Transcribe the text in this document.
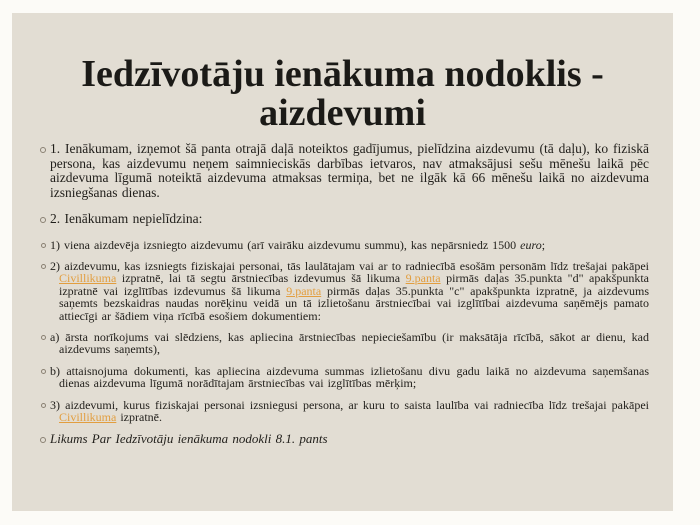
Iedzīvotāju ienākuma nodoklis -
aizdevumi
1. Ienākumam, izņemot šā panta otrajā daļā noteiktos gadījumus, pielīdzina aizdevumu (tā daļu), ko fiziskā persona, kas aizdevumu neņem saimnieciskās darbības ietvaros, nav atmaksājusi sešu mēnešu laikā pēc aizdevuma līgumā noteiktā aizdevuma atmaksas termiņa, bet ne ilgāk kā 66 mēnešu laikā no aizdevuma izsniegšanas dienas.
2. Ienākumam nepielīdzina:
1) viena aizdevēja izsniegto aizdevumu (arī vairāku aizdevumu summu), kas nepārsniedz 1500 euro;
2) aizdevumu, kas izsniegts fiziskajai personai, tās laulātajam vai ar to radniecībā esošām personām līdz trešajai pakāpei Civillikuma izpratnē, lai tā segtu ārstniecības izdevumus šā likuma 9.panta pirmās daļas 35.punkta "d" apakšpunkta izpratnē vai izglītības izdevumus šā likuma 9.panta pirmās daļas 35.punkta "c" apakšpunkta izpratnē, ja aizdevums saņemts bezskaidras naudas norēķinu veidā un tā izlietošanu ārstniecībai vai izglītībai aizdevuma saņēmējs pamato attiecīgi ar šādiem viņa rīcībā esošiem dokumentiem:
a) ārsta norīkojums vai slēdziens, kas apliecina ārstniecības nepieciešamību (ir maksātāja rīcībā, sākot ar dienu, kad aizdevums saņemts),
b) attaisnojuma dokumenti, kas apliecina aizdevuma summas izlietošanu divu gadu laikā no aizdevuma saņemšanas dienas aizdevuma līgumā norādītajam ārstniecības vai izglītības mērķim;
3) aizdevumi, kurus fiziskajai personai izsniegusi persona, ar kuru to saista laulība vai radniecība līdz trešajai pakāpei Civillikuma izpratnē.
Likums Par Iedzīvotāju ienākuma nodokli 8.1. pants
